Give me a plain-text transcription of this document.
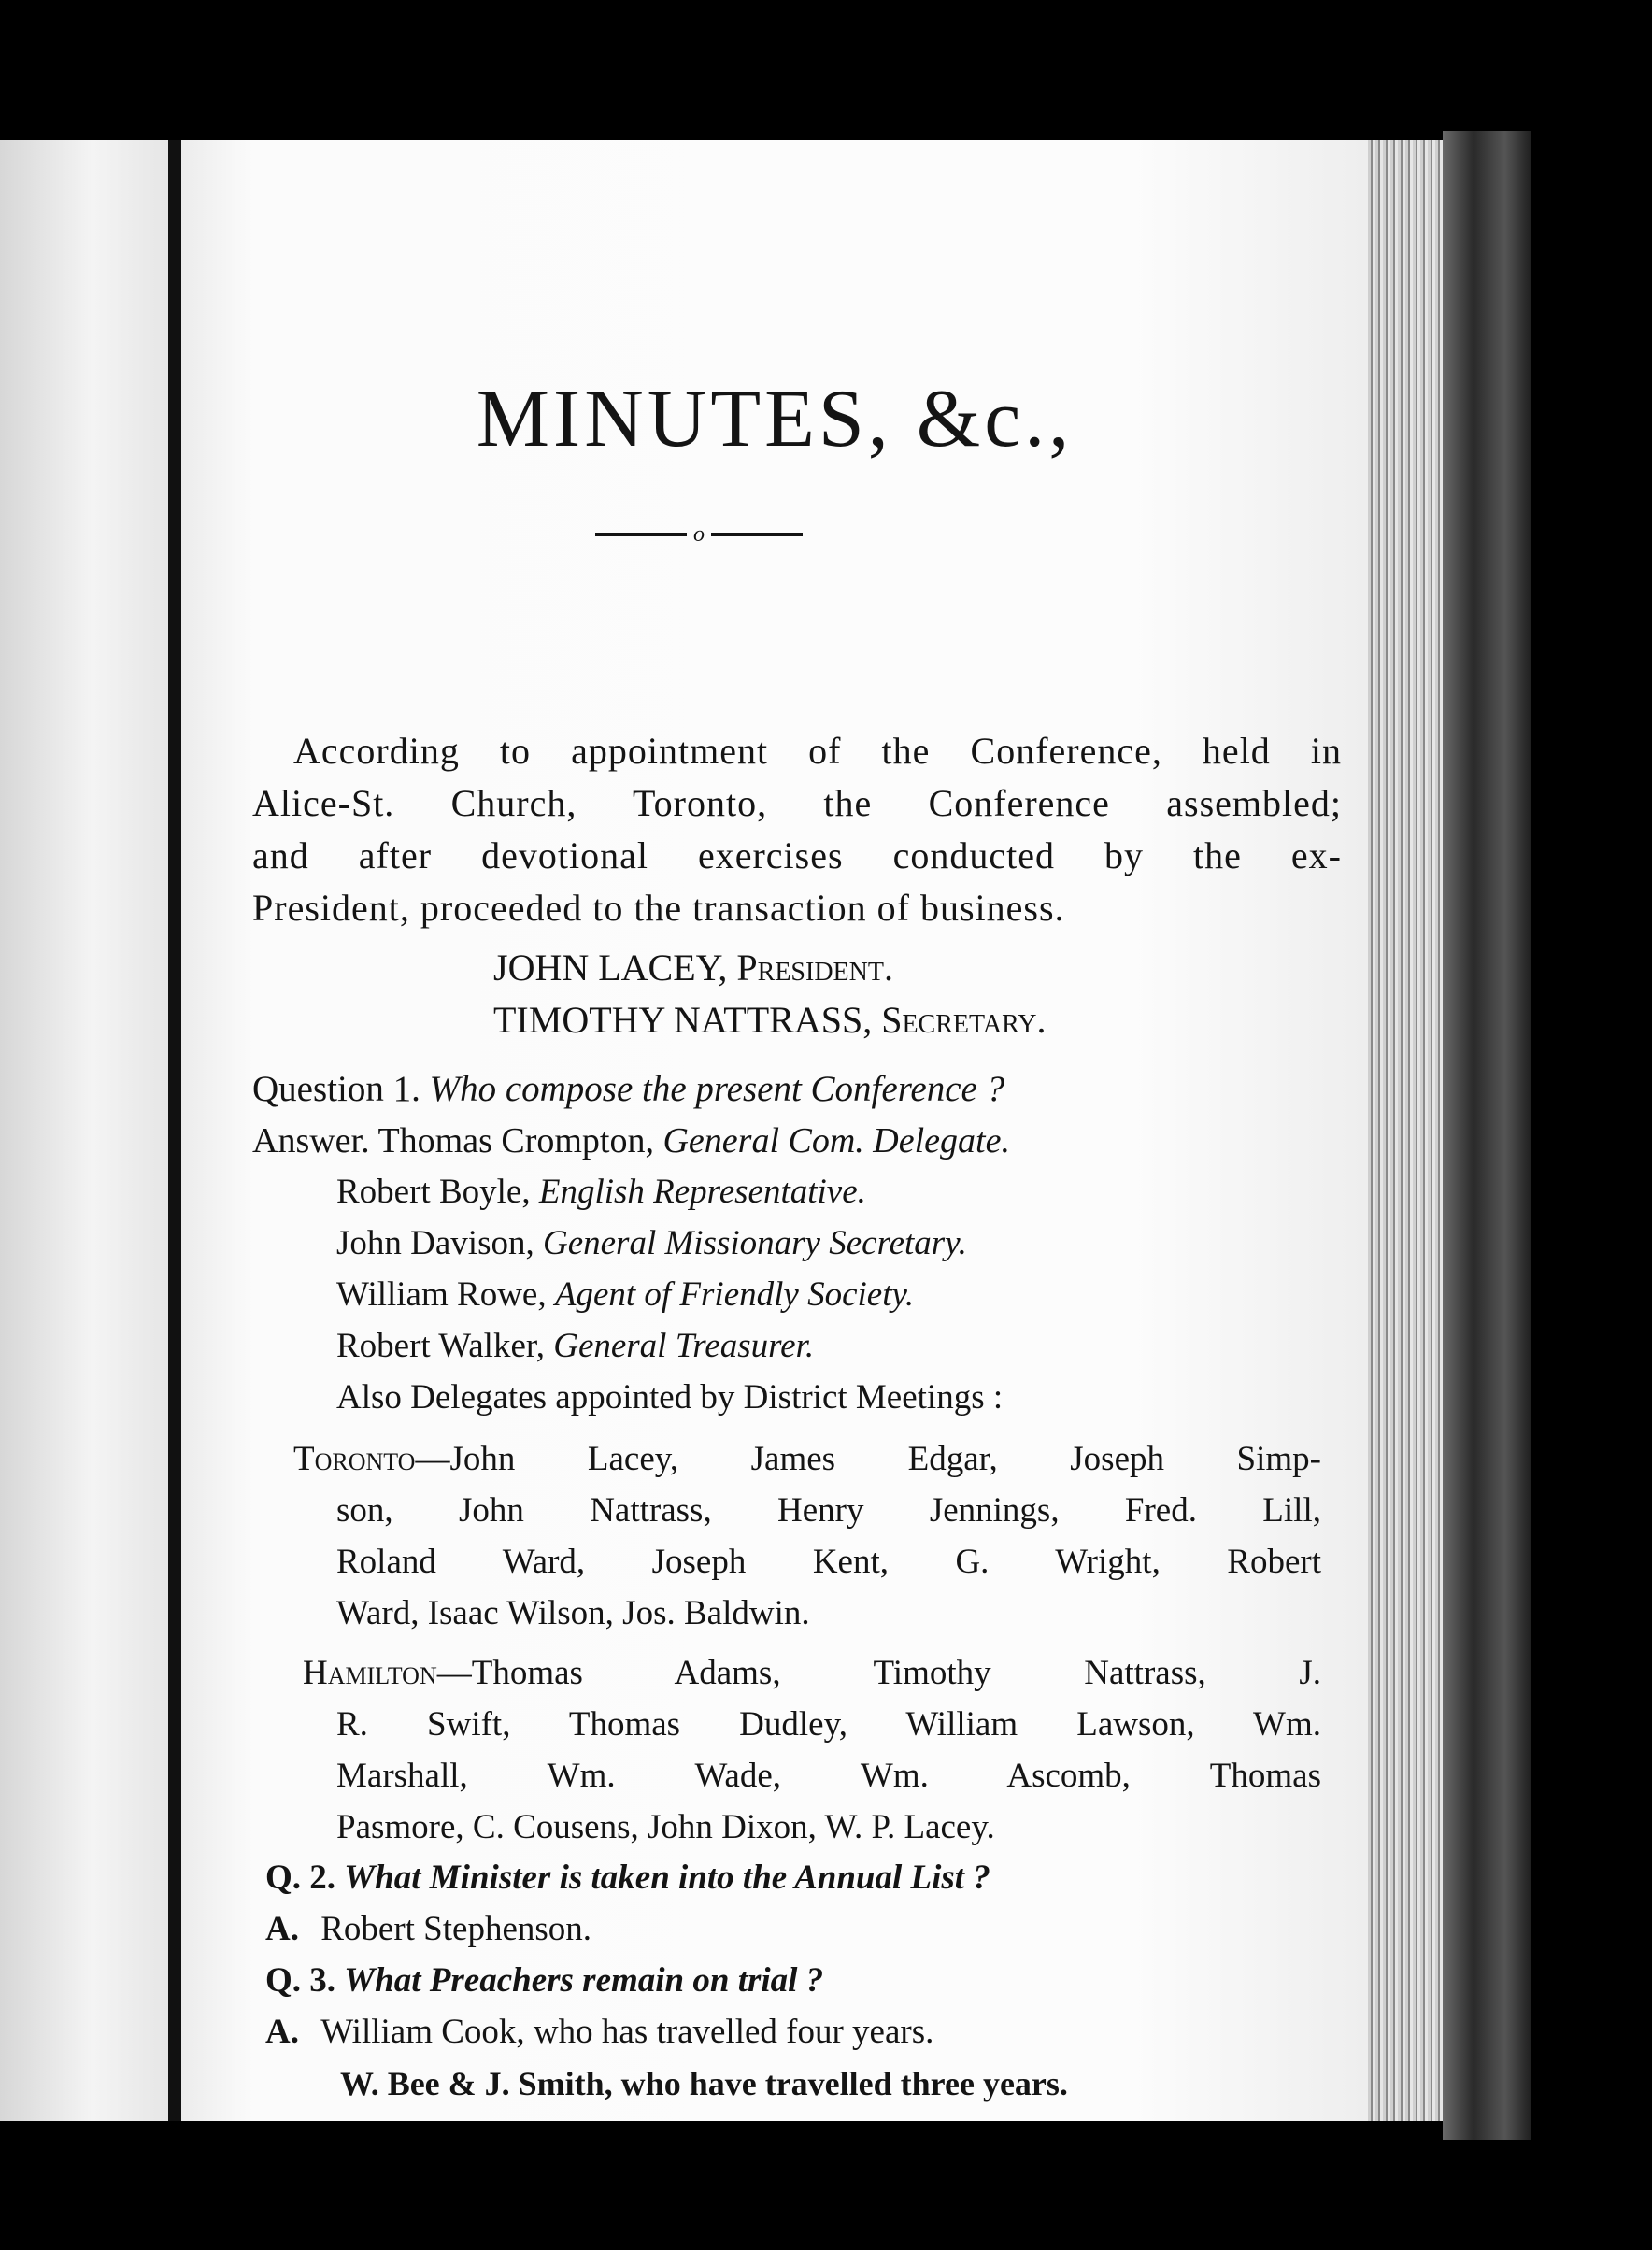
MINUTES, &c.,
o
According to appointment of the Conference, held in
Alice-St. Church, Toronto, the Conference assembled;
and after devotional exercises conducted by the ex-
President, proceeded to the transaction of business.
JOHN LACEY, President.
TIMOTHY NATTRASS, Secretary.
Question 1. Who compose the present Conference ?
Answer. Thomas Crompton, General Com. Delegate.
Robert Boyle, English Representative.
John Davison, General Missionary Secretary.
William Rowe, Agent of Friendly Society.
Robert Walker, General Treasurer.
Also Delegates appointed by District Meetings :
Toronto—John Lacey, James Edgar, Joseph Simp-
son, John Nattrass, Henry Jennings, Fred. Lill,
Roland Ward, Joseph Kent, G. Wright, Robert
Ward, Isaac Wilson, Jos. Baldwin.
Hamilton—Thomas Adams, Timothy Nattrass, J.
R. Swift, Thomas Dudley, William Lawson, Wm.
Marshall, Wm. Wade, Wm. Ascomb, Thomas
Pasmore, C. Cousens, John Dixon, W. P. Lacey.
Q. 2. What Minister is taken into the Annual List ?
A. Robert Stephenson.
Q. 3. What Preachers remain on trial ?
A. William Cook, who has travelled four years.
W. Bee & J. Smith, who have travelled three years.
